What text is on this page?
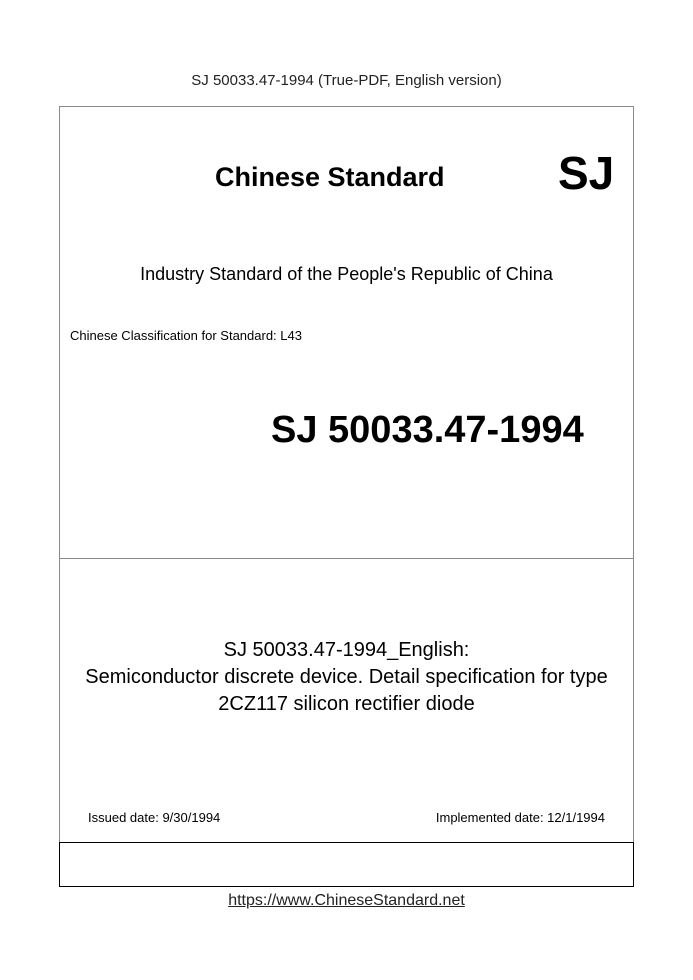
SJ 50033.47-1994 (True-PDF, English version)
Chinese Standard SJ
Industry Standard of the People's Republic of China
Chinese Classification for Standard: L43
SJ 50033.47-1994
SJ 50033.47-1994_English:
Semiconductor discrete device. Detail specification for type
2CZ117 silicon rectifier diode
Issued date: 9/30/1994	Implemented date: 12/1/1994
https://www.ChineseStandard.net
